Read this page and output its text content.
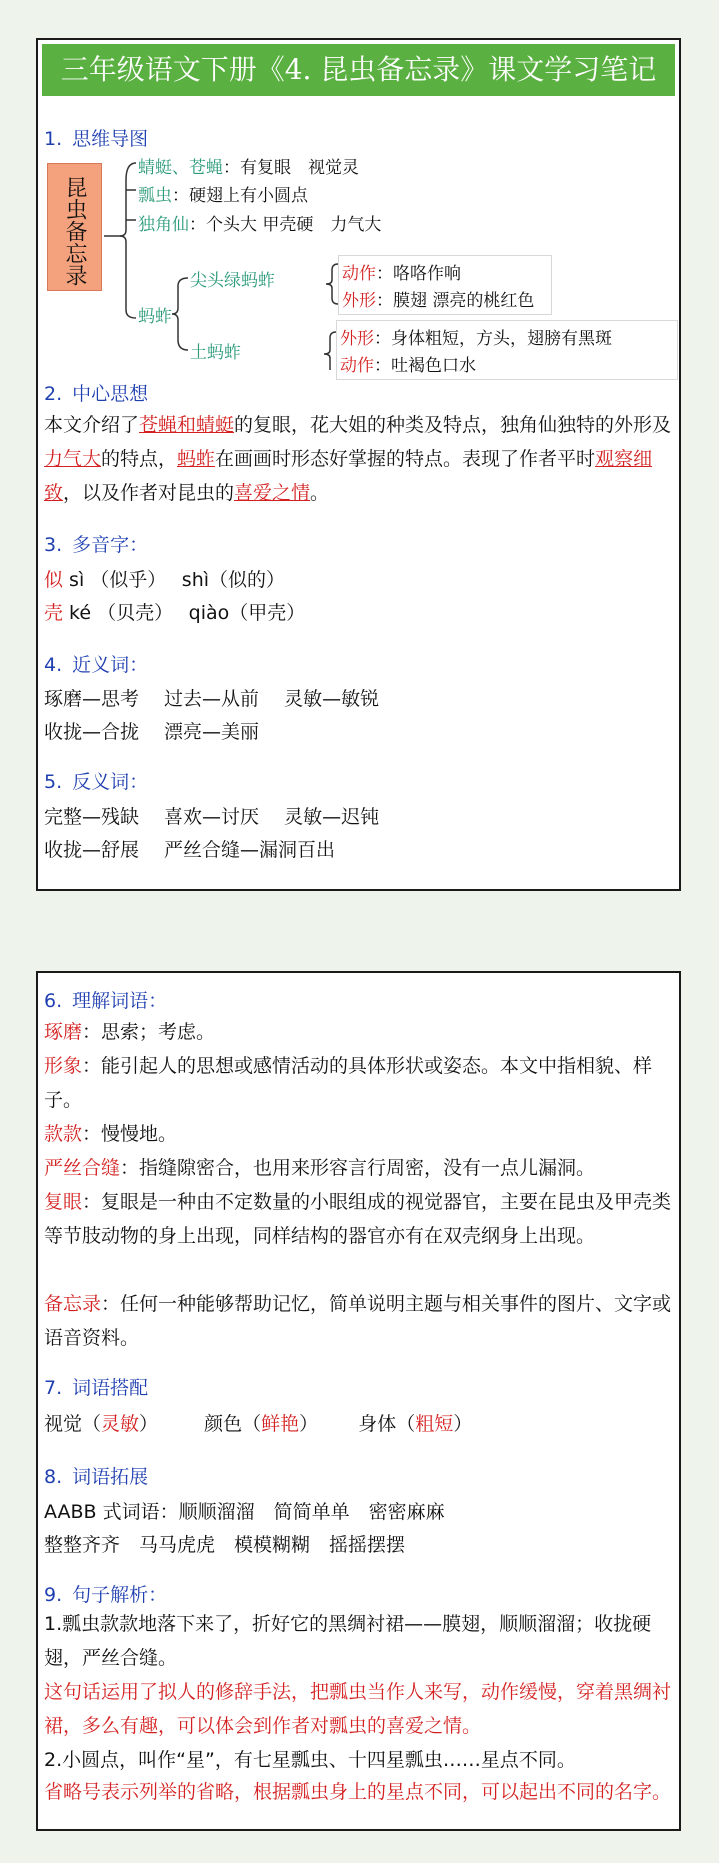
三年级语文下册《4. 昆虫备忘录》课文学习笔记
1. 思维导图
昆虫备忘录
蜻蜓、苍蝇：有复眼　视觉灵
瓢虫：硬翅上有小圆点
独角仙：个头大 甲壳硬　力气大
蚂蚱
尖头绿蚂蚱	动作：咯咯作响
外形：膜翅 漂亮的桃红色
土蚂蚱
外形：身体粗短，方头，翅膀有黑斑
动作：吐褐色口水
2. 中心思想
本文介绍了苍蝇和蜻蜓的复眼，花大姐的种类及特点，独角仙独特的外形及力气大的特点，蚂蚱在画画时形态好掌握的特点。表现了作者平时观察细致，以及作者对昆虫的喜爱之情。
3. 多音字：
似 sì （似乎）　 shì（似的）
壳 ké （贝壳）　 qiào（甲壳）
4. 近义词：
琢磨—思考　 过去—从前　 灵敏—敏锐
收拢—合拢　 漂亮—美丽
5. 反义词：
完整—残缺　 喜欢—讨厌　 灵敏—迟钝
收拢—舒展　 严丝合缝—漏洞百出
6. 理解词语：
琢磨：思索；考虑。
形象：能引起人的思想或感情活动的具体形状或姿态。本文中指相貌、样子。
款款：慢慢地。
严丝合缝：指缝隙密合，也用来形容言行周密，没有一点儿漏洞。
复眼：复眼是一种由不定数量的小眼组成的视觉器官，主要在昆虫及甲壳类等节肢动物的身上出现，同样结构的器官亦有在双壳纲身上出现。
备忘录：任何一种能够帮助记忆，简单说明主题与相关事件的图片、文字或语音资料。
7. 词语搭配
视觉（灵敏） 颜色（鲜艳） 身体（粗短）
8. 词语拓展
AABB 式词语：顺顺溜溜　简简单单　密密麻麻
整整齐齐　马马虎虎　模模糊糊　摇摇摆摆
9. 句子解析：
1.瓢虫款款地落下来了，折好它的黑绸衬裙——膜翅，顺顺溜溜；收拢硬翅，严丝合缝。
这句话运用了拟人的修辞手法，把瓢虫当作人来写，动作缓慢，穿着黑绸衬裙，多么有趣，可以体会到作者对瓢虫的喜爱之情。
2.小圆点，叫作“星”，有七星瓢虫、十四星瓢虫……星点不同。
省略号表示列举的省略，根据瓢虫身上的星点不同，可以起出不同的名字。
